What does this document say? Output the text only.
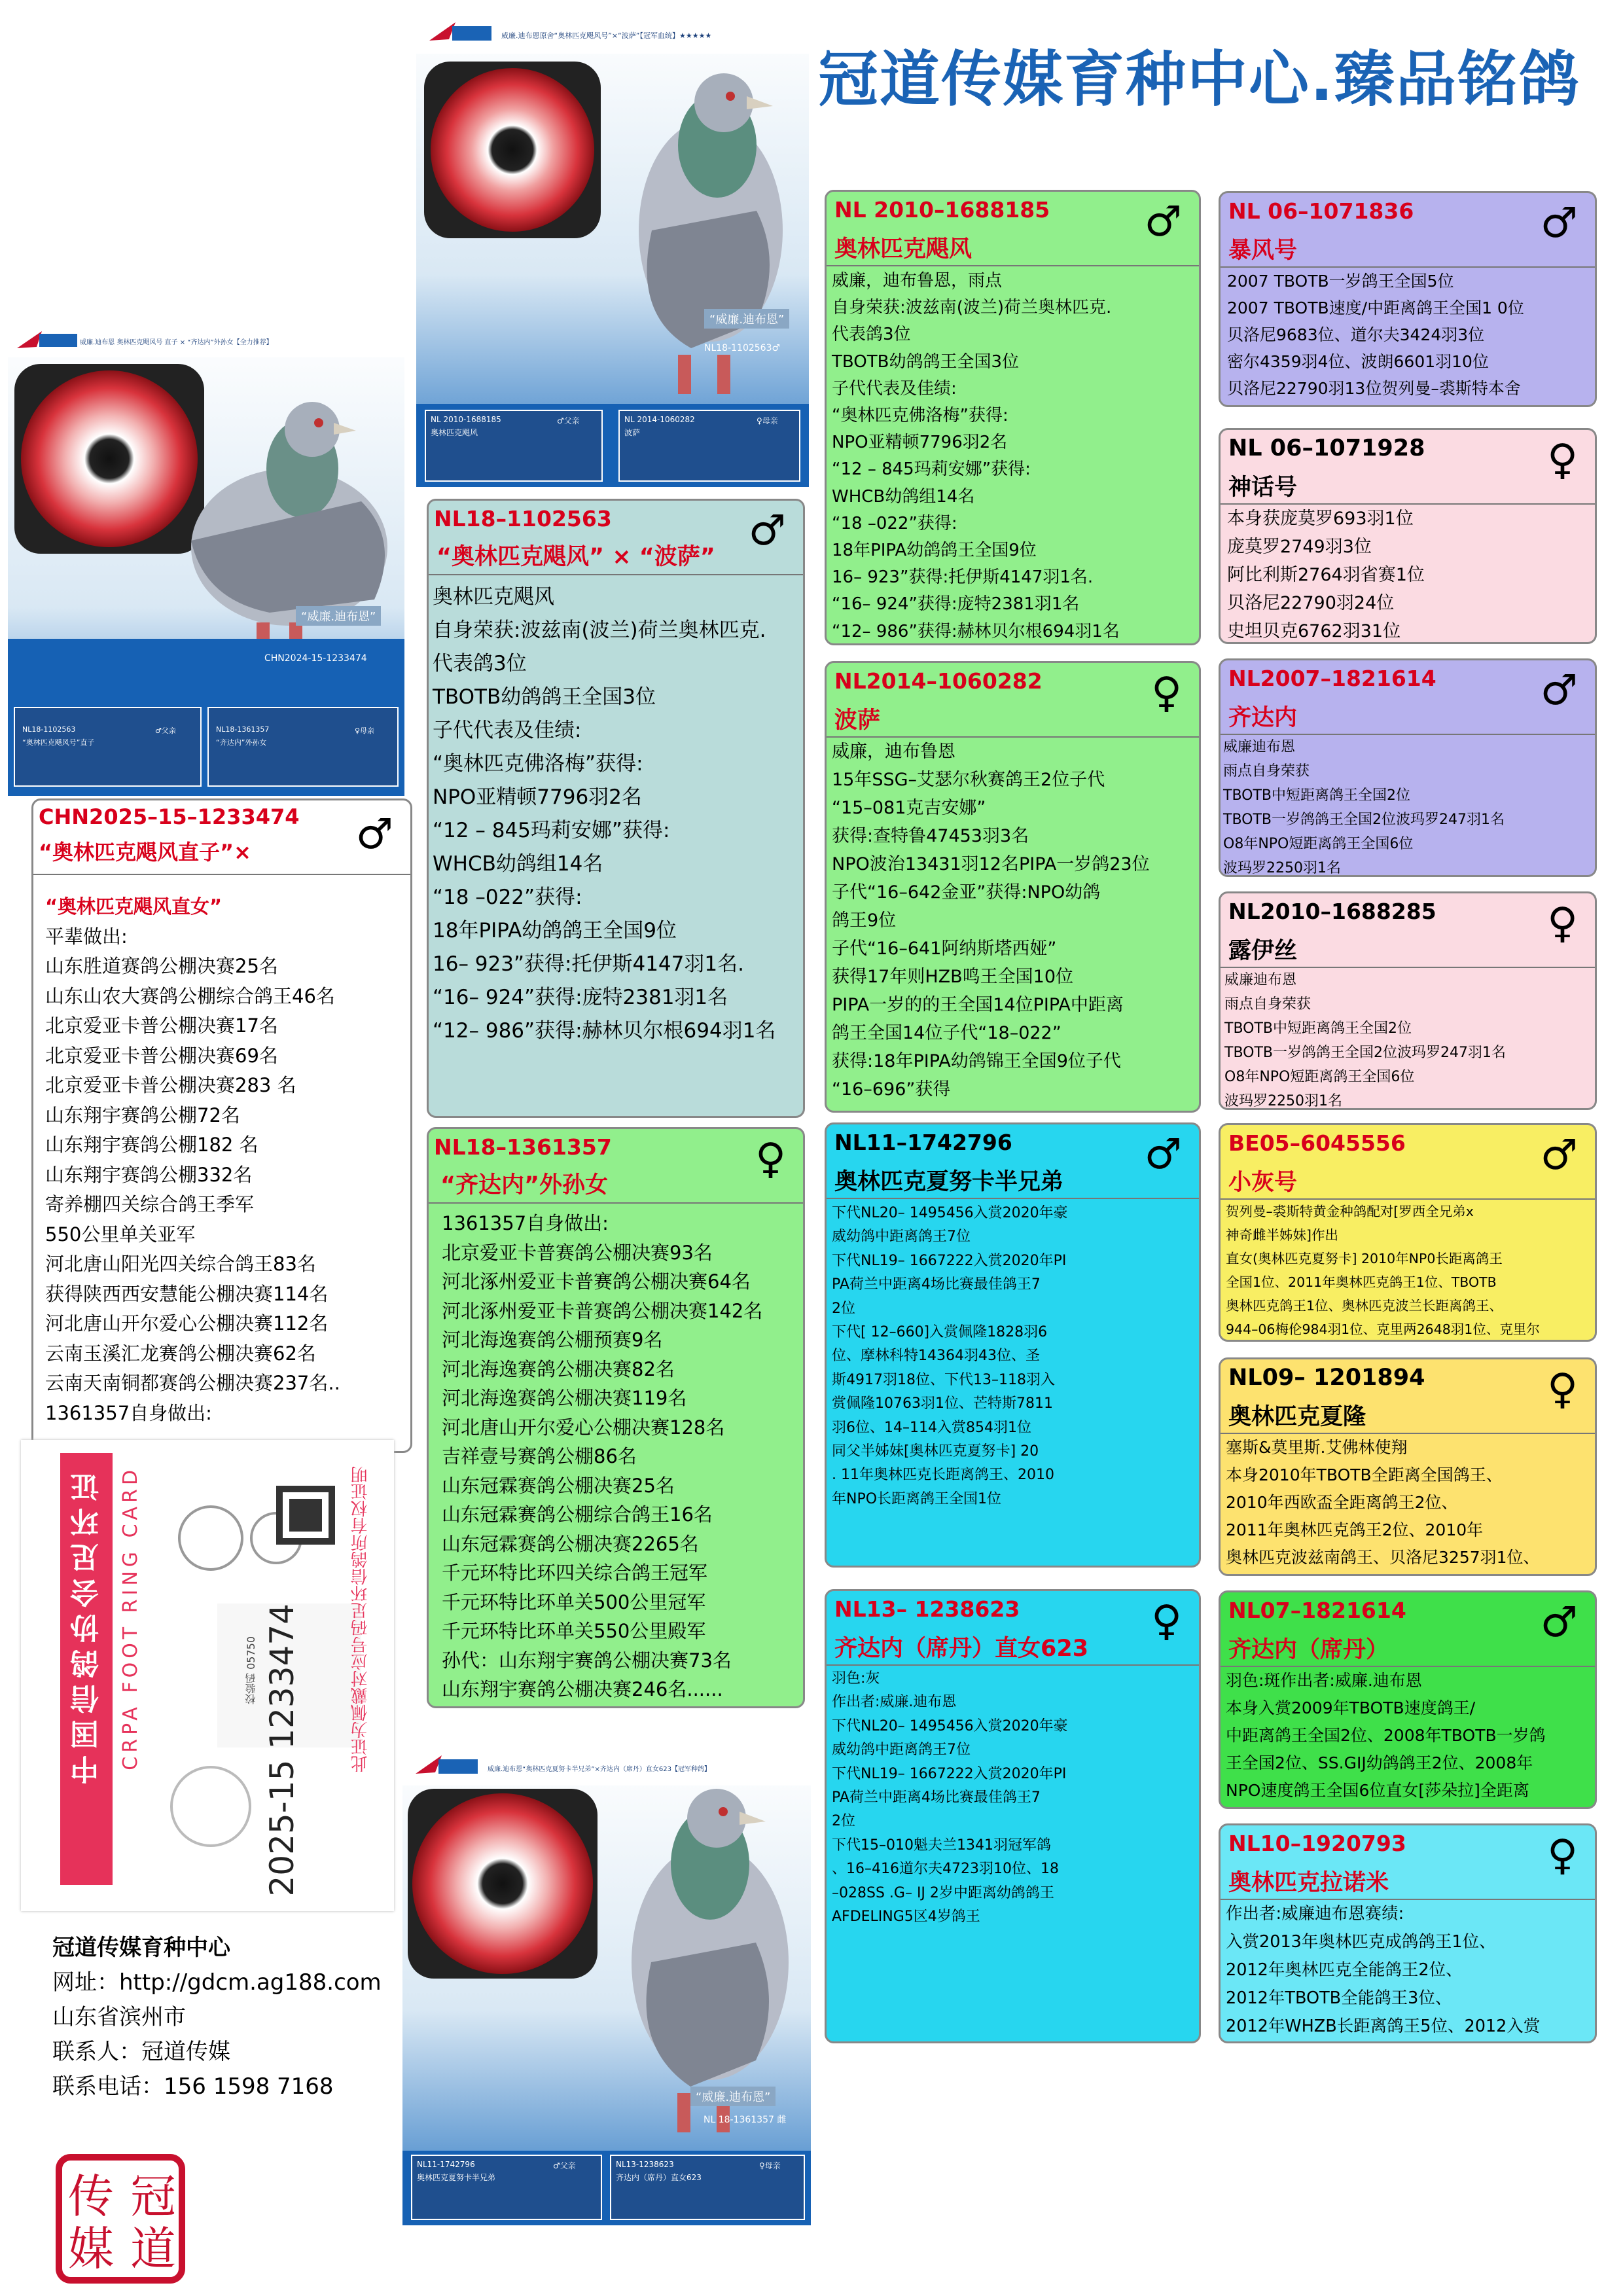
冠道传媒育种中心.臻品铭鸽
威廉.迪布恩原舍“奥林匹克飓风号”×“波萨”【冠军血统】★★★★★
“威廉.迪布恩”
NL18-1102563♂
NL 2010-1688185
奥林匹克飓风
♂父亲	NL 2014-1060282
波萨
♀母亲
威廉.迪布恩 奥林匹克飓风号 直子 × “齐达内”外孙女【全力推荐】
“威廉.迪布恩”
CHN2024-15-1233474
NL18-1102563
“奥林匹克飓风号”直子
♂父亲	NL18-1361357
“齐达内”外孙女
♀母亲
威廉.迪布恩“奥林匹克夏努卡半兄弟”×齐达内（席丹）直女623【冠军种鸽】
“威廉.迪布恩”
NL 18-1361357 雌
NL11-1742796
奥林匹克夏努卡半兄弟
♂父亲	NL13-1238623
齐达内（席丹）直女623
♀母亲
CHN2025–15–1233474
“奥林匹克飓风直子”× ♂

“奥林匹克飓风直女”

平辈做出:

山东胜道赛鸽公棚决赛25名

山东山农大赛鸽公棚综合鸽王46名

北京爱亚卡普公棚决赛17名

北京爱亚卡普公棚决赛69名

北京爱亚卡普公棚决赛283 名

山东翔宇赛鸽公棚72名

山东翔宇赛鸽公棚182 名

山东翔宇赛鸽公棚332名

寄养棚四关综合鸽王季军

550公里单关亚军

河北唐山阳光四关综合鸽王83名

获得陕西西安慧能公棚决赛114名

河北唐山开尔爱心公棚决赛112名

云南玉溪汇龙赛鸽公棚决赛62名

云南天南铜都赛鸽公棚决赛237名..

1361357自身做出:

中国信鸽协会足环证 CRPA FOOT RING CARD	2025-15 1233474
校验码 05750	此证为佩戴对应号码足环信鸽所有权证明
NL18–1102563
“奥林匹克飓风” × “波萨”
♂

奥林匹克飓风

自身荣获:波兹南(波兰)荷兰奥林匹克.

代表鸽3位

TBOTB幼鸽鸽王全国3位

子代代表及佳绩:

“奥林匹克佛洛梅”获得:

NPO亚精顿7796羽2名

“12 – 845玛莉安娜”获得:

WHCB幼鸽组14名

“18 –022”获得:

18年PIPA幼鸽鸽王全国9位

16– 923”获得:托伊斯4147羽1名.

“16– 924”获得:庞特2381羽1名

“12– 986”获得:赫林贝尔根694羽1名

NL18–1361357
“齐达内”外孙女
♀

1361357自身做出:

北京爱亚卡普赛鸽公棚决赛93名

河北涿州爱亚卡普赛鸽公棚决赛64名

河北涿州爱亚卡普赛鸽公棚决赛142名

河北海逸赛鸽公棚预赛9名

河北海逸赛鸽公棚决赛82名

河北海逸赛鸽公棚决赛119名

河北唐山开尔爱心公棚决赛128名

吉祥壹号赛鸽公棚86名

山东冠霖赛鸽公棚决赛25名

山东冠霖赛鸽公棚综合鸽王16名

山东冠霖赛鸽公棚决赛2265名

千元环特比环四关综合鸽王冠军

千元环特比环单关500公里冠军

千元环特比环单关550公里殿军

孙代：山东翔宇赛鸽公棚决赛73名

山东翔宇赛鸽公棚决赛246名......

NL 2010–1688185
奥林匹克飓风
♂

威廉，迪布鲁恩，雨点

自身荣获:波兹南(波兰)荷兰奥林匹克.

代表鸽3位

TBOTB幼鸽鸽王全国3位

子代代表及佳绩:

“奥林匹克佛洛梅”获得:

NPO亚精顿7796羽2名

“12 – 845玛莉安娜”获得:

WHCB幼鸽组14名

“18 –022”获得:

18年PIPA幼鸽鸽王全国9位

16– 923”获得:托伊斯4147羽1名.

“16– 924”获得:庞特2381羽1名

“12– 986”获得:赫林贝尔根694羽1名

NL2014–1060282
波萨
♀

威廉，迪布鲁恩

15年SSG–艾瑟尔秋赛鸽王2位子代

“15–081克吉安娜”

获得:查特鲁47453羽3名

NPO波治13431羽12名PIPA一岁鸽23位

子代“16–642金亚”获得:NPO幼鸽

鸽王9位

子代“16–641阿纳斯塔西娅”

获得17年则HZB鸣王全国10位

PIPA一岁的的王全国14位PIPA中距离

鸽王全国14位子代“18–022”

获得:18年PIPA幼鸽锦王全国9位子代

“16–696”获得

NL11–1742796
奥林匹克夏努卡半兄弟
♂

下代NL20– 1495456入赏2020年豪

威幼鸽中距离鸽王7位

下代NL19– 1667222入赏2020年PI

PA荷兰中距离4场比赛最佳鸽王7

2位

下代[ 12–660]入赏佩隆1828羽6

位、摩林科特14364羽43位、圣

斯4917羽18位、下代13–118羽入

赏佩隆10763羽1位、芒特斯7811

羽6位、14–114入赏854羽1位

同父半姊妹[奥林匹克夏努卡] 20

. 11年奥林匹克长距离鸽王、2010

年NPO长距离鸽王全国1位

NL13– 1238623
齐达内（席丹）直女623
♀

羽色:灰

作出者:威廉.迪布恩

下代NL20– 1495456入赏2020年豪

威幼鸽中距离鸽王7位

下代NL19– 1667222入赏2020年PI

PA荷兰中距离4场比赛最佳鸽王7

2位

下代15–010魁夫兰1341羽冠军鸽

、16–416道尔夫4723羽10位、18

–028SS .G– IJ 2岁中距离幼鸽鸽王

AFDELING5区4岁鸽王

NL 06–1071836
暴风号
♂

2007 TBOTB一岁鸽王全国5位

2007 TBOTB速度/中距离鸽王全国1 0位

贝洛尼9683位、道尔夫3424羽3位

密尔4359羽4位、波朗6601羽10位

贝洛尼22790羽13位贺列曼–裘斯特本舍

NL 06–1071928
神话号
♀

本身获庞莫罗693羽1位

庞莫罗2749羽3位

阿比利斯2764羽省赛1位

贝洛尼22790羽24位

史坦贝克6762羽31位

NL2007–1821614
齐达内
♂

威廉迪布恩

雨点自身荣获

TBOTB中短距离鸽王全国2位

TBOTB一岁鸽鸽王全国2位波玛罗247羽1名

O8年NPO短距离鸽王全国6位

波玛罗2250羽1名

NL2010–1688285
露伊丝
♀

威廉迪布恩

雨点自身荣获

TBOTB中短距离鸽王全国2位

TBOTB一岁鸽鸽王全国2位波玛罗247羽1名

O8年NPO短距离鸽王全国6位

波玛罗2250羽1名

BE05–6045556
小灰号
♂

贺列曼–裘斯特黄金种鸽配对[罗西全兄弟x

神奇雌半姊妹]作出

直女(奥林匹克夏努卡] 2010年NP0长距离鸽王

全国1位、2011年奥林匹克鸽王1位、TBOTB

奥林匹克鸽王1位、奥林匹克波兰长距离鸽王、

944–06梅伦984羽1位、克里两2648羽1位、克里尔

NL09– 1201894
奥林匹克夏隆
♀

塞斯&莫里斯.艾佛林使翔

本身2010年TBOTB全距离全国鸽王、

2010年西欧盃全距离鸽王2位、

2011年奥林匹克鸽王2位、2010年

奥林匹克波兹南鸽王、贝洛尼3257羽1位、

NL07–1821614
齐达内（席丹）
♂

羽色:斑作出者:威廉.迪布恩

本身入赏2009年TBOTB速度鸽王/

中距离鸽王全国2位、2008年TBOTB一岁鸽

王全国2位、SS.GIJ幼鸽鸽王2位、2008年

NPO速度鸽王全国6位直女[莎朵拉]全距离

NL10–1920793
奥林匹克拉诺米
♀

作出者:威廉迪布恩赛绩:

入赏2013年奥林匹克成鸽鸽王1位、

2012年奥林匹克全能鸽王2位、

2012年TBOTB全能鸽王3位、

2012年WHZB长距离鸽王5位、2012入赏

冠道传媒育种中心

网址：http://gdcm.ag188.com

山东省滨州市

联系人：冠道传媒

联系电话：156 1598 7168

冠
道
传
媒
